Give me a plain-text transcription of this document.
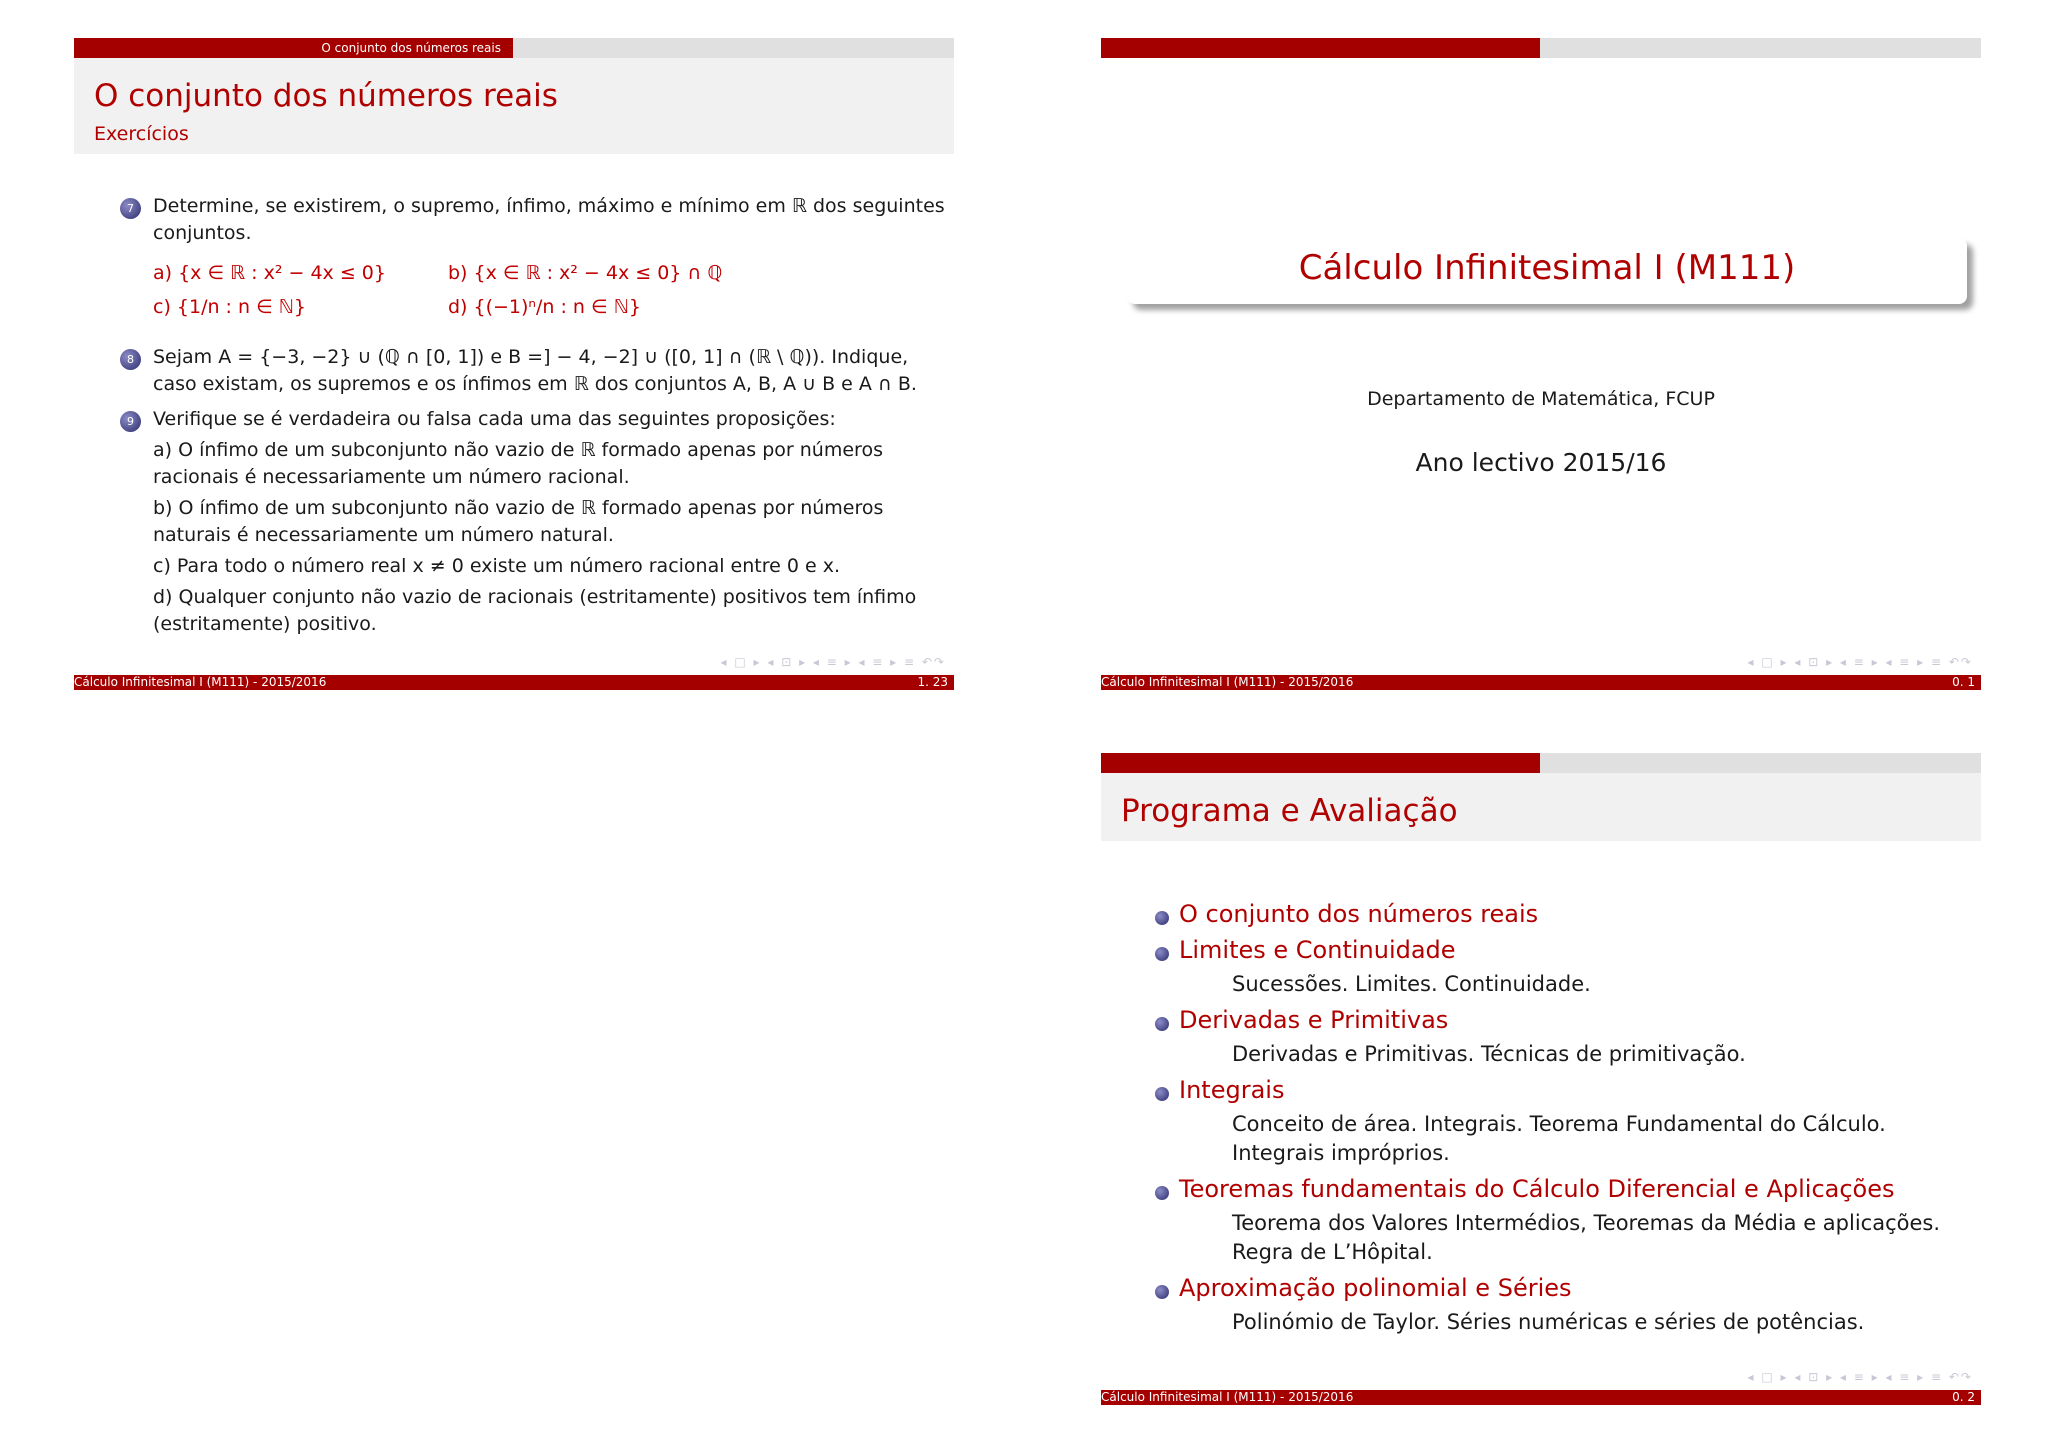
O conjunto dos números reais
O conjunto dos números reais
Exercícios
7	Determine, se existirem, o supremo, ínfimo, máximo e mínimo em ℝ dos seguintes
conjuntos.
a) {x ∈ ℝ : x² − 4x ≤ 0}	b) {x ∈ ℝ : x² − 4x ≤ 0} ∩ ℚ
c) {1/n : n ∈ ℕ}	d) {(−1)ⁿ/n : n ∈ ℕ}
8	Sejam A = {−3, −2} ∪ (ℚ ∩ [0, 1]) e B =] − 4, −2] ∪ ([0, 1] ∩ (ℝ \ ℚ)). Indique,
caso existam, os supremos e os ínfimos em ℝ dos conjuntos A, B, A ∪ B e A ∩ B.
9	Verifique se é verdadeira ou falsa cada uma das seguintes proposições:
a) O ínfimo de um subconjunto não vazio de ℝ formado apenas por números
racionais é necessariamente um número racional.
b) O ínfimo de um subconjunto não vazio de ℝ formado apenas por números
naturais é necessariamente um número natural.
c) Para todo o número real x ≠ 0 existe um número racional entre 0 e x.
d) Qualquer conjunto não vazio de racionais (estritamente) positivos tem ínfimo
(estritamente) positivo.
◂ □ ▸ ◂ ⊡ ▸ ◂ ≡ ▸ ◂ ≡ ▸ ≡ ↶↷
Cálculo Infinitesimal I (M111) - 2015/2016	1. 23
Cálculo Infinitesimal I (M111)
Departamento de Matemática, FCUP
Ano lectivo 2015/16
◂ □ ▸ ◂ ⊡ ▸ ◂ ≡ ▸ ◂ ≡ ▸ ≡ ↶↷
Cálculo Infinitesimal I (M111) - 2015/2016	0. 1
Programa e Avaliação
O conjunto dos números reais
Limites e Continuidade
Sucessões. Limites. Continuidade.
Derivadas e Primitivas
Derivadas e Primitivas. Técnicas de primitivação.
Integrais
Conceito de área. Integrais. Teorema Fundamental do Cálculo.
Integrais impróprios.
Teoremas fundamentais do Cálculo Diferencial e Aplicações
Teorema dos Valores Intermédios, Teoremas da Média e aplicações.
Regra de L’Hôpital.
Aproximação polinomial e Séries
Polinómio de Taylor. Séries numéricas e séries de potências.
◂ □ ▸ ◂ ⊡ ▸ ◂ ≡ ▸ ◂ ≡ ▸ ≡ ↶↷
Cálculo Infinitesimal I (M111) - 2015/2016	0. 2
